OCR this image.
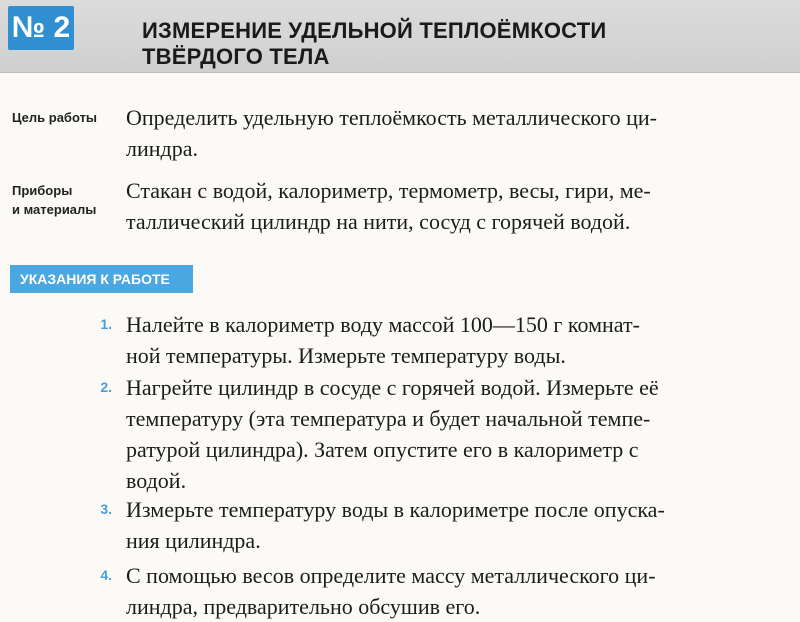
№ 2	ИЗМЕРЕНИЕ УДЕЛЬНОЙ ТЕПЛОЁМКОСТИ
ТВЁРДОГО ТЕЛА
Цель работы Определить удельную теплоёмкость металлического ци-
линдра.
Приборы
и материалы
Стакан с водой, калориметр, термометр, весы, гири, ме-
таллический цилиндр на нити, сосуд с горячей водой.
УКАЗАНИЯ К РАБОТЕ
1. Налейте в калориметр воду массой 100—150 г комнат-
ной температуры. Измерьте температуру воды.
2. Нагрейте цилиндр в сосуде с горячей водой. Измерьте её
температуру (эта температура и будет начальной темпе-
ратурой цилиндра). Затем опустите его в калориметр с
водой.
3. Измерьте температуру воды в калориметре после опуска-
ния цилиндра.
4. С помощью весов определите массу металлического ци-
линдра, предварительно обсушив его.
